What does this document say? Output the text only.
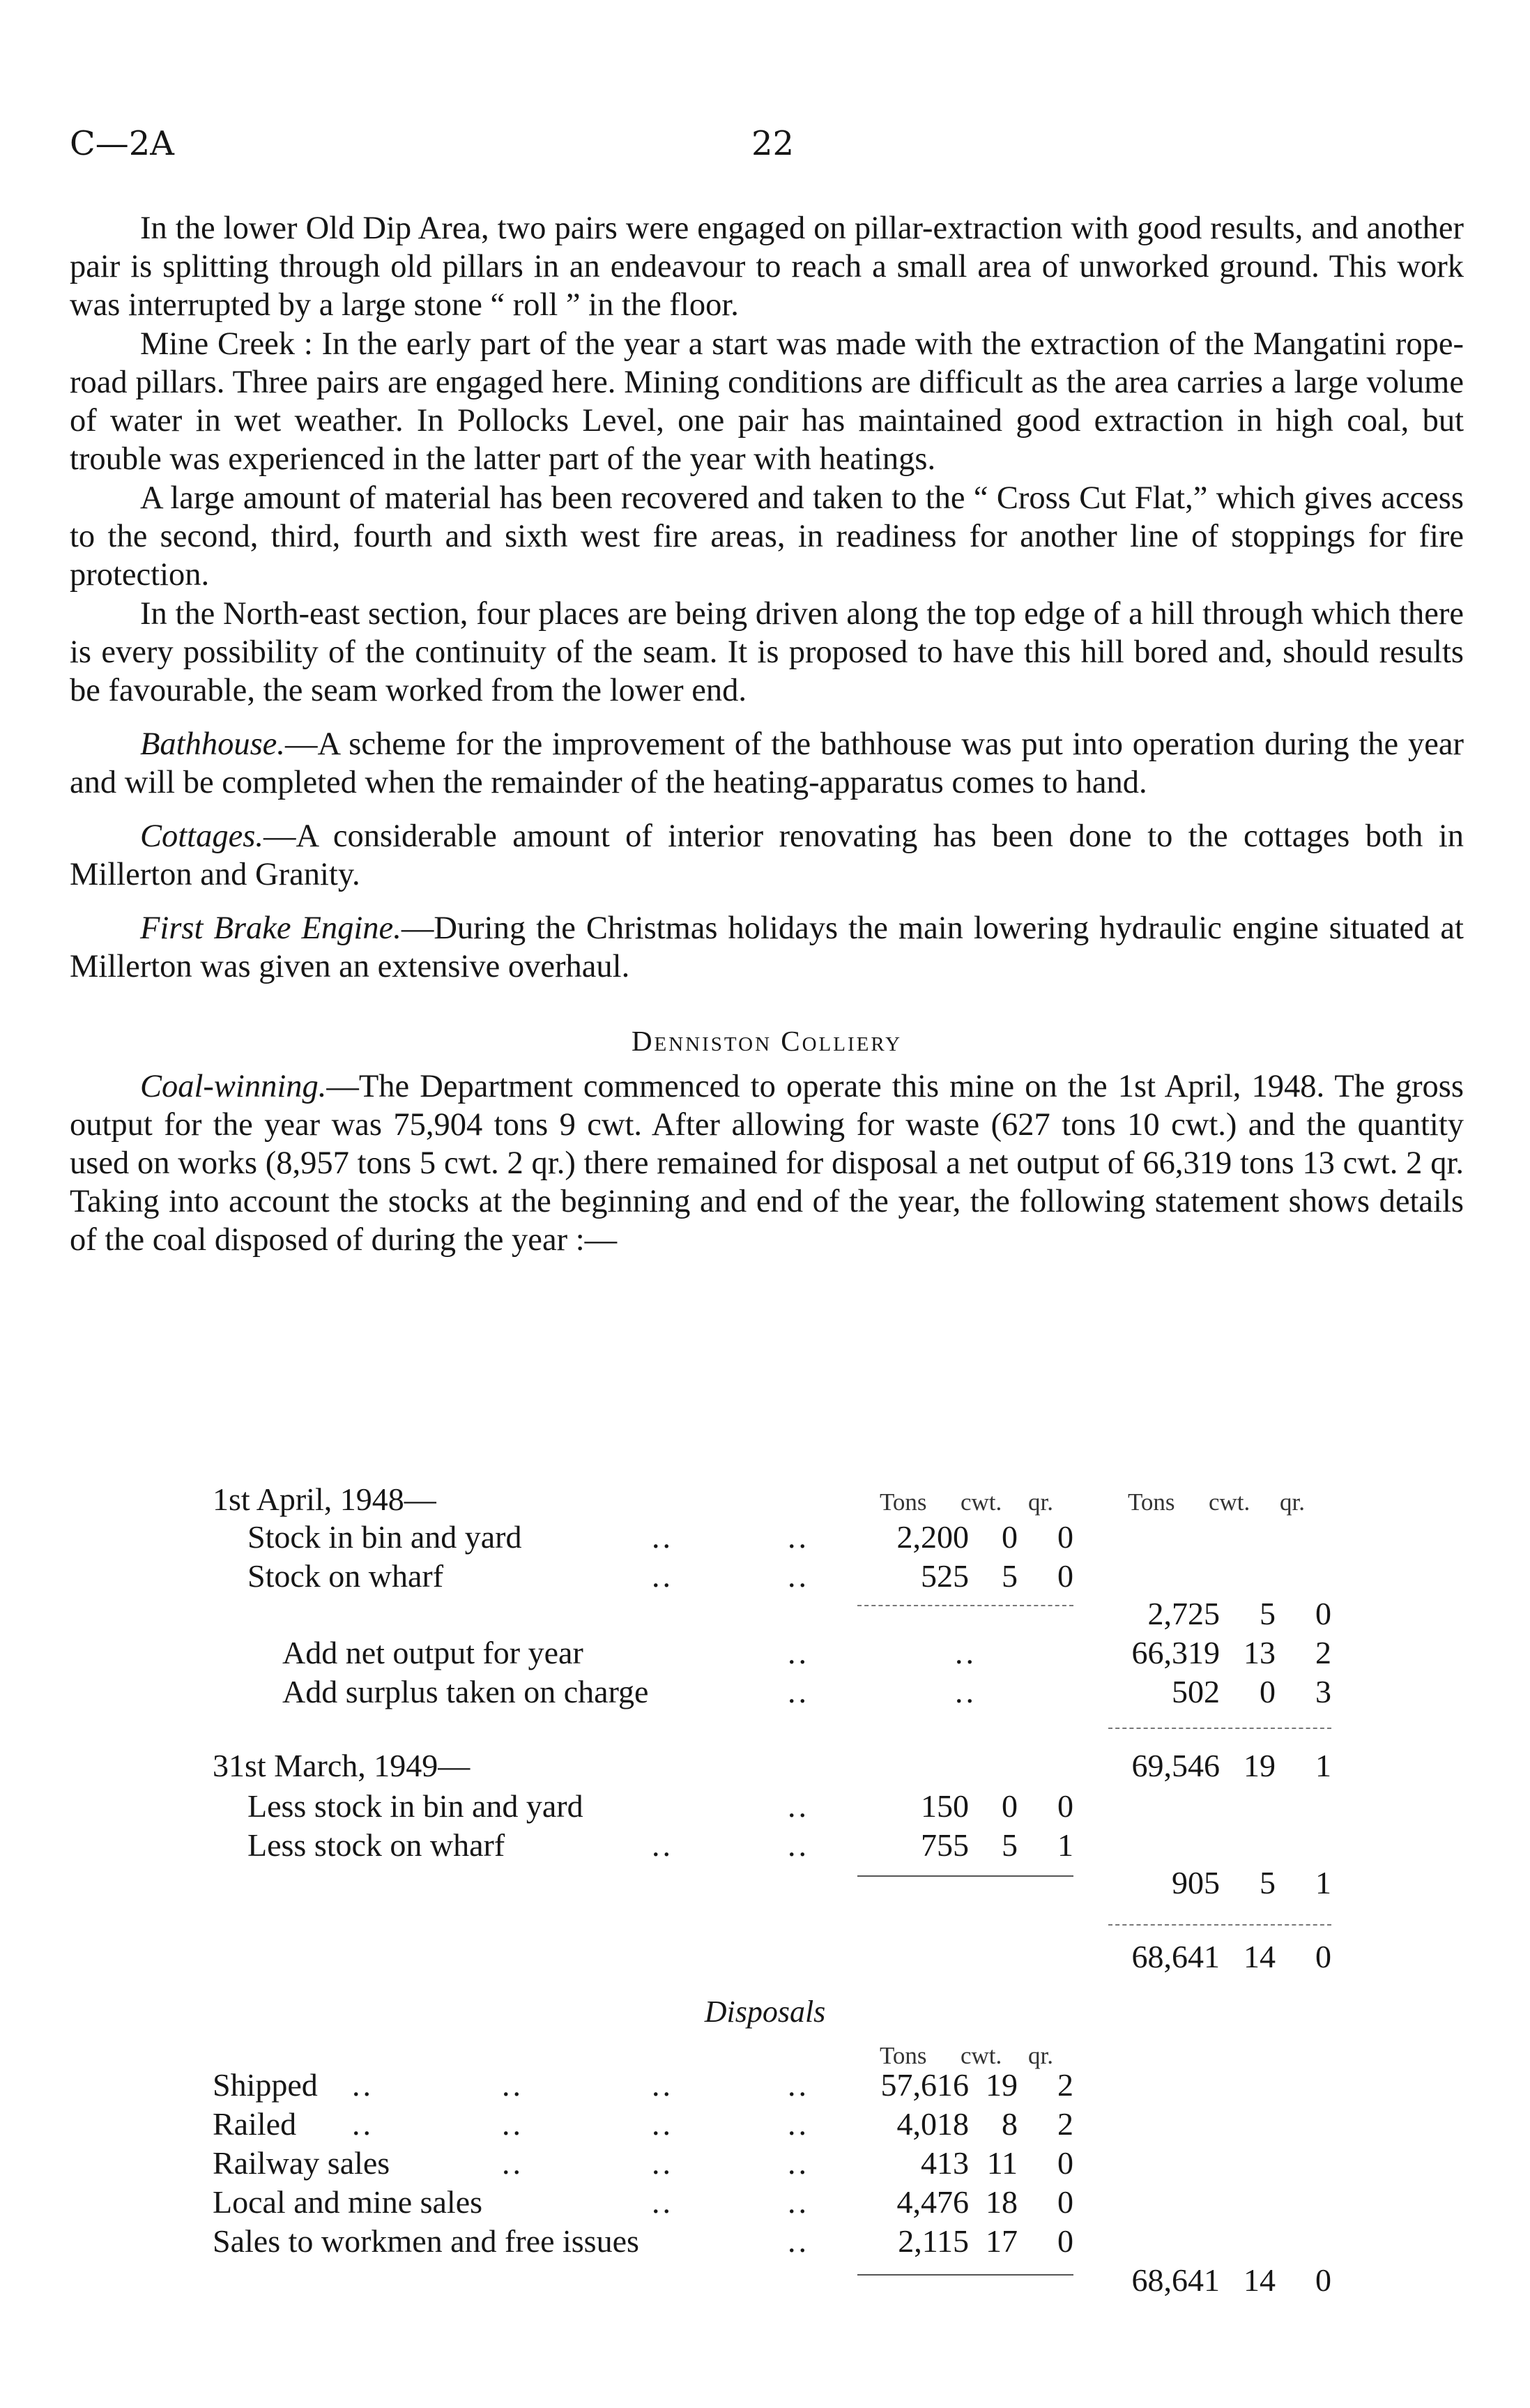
C—2A	22

In the lower Old Dip Area, two pairs were engaged on pillar-extraction with good results, and another pair is splitting through old pillars in an endeavour to reach a small area of unworked ground. This work was interrupted by a large stone “ roll ” in the floor.

Mine Creek : In the early part of the year a start was made with the extraction of the Mangatini rope-road pillars. Three pairs are engaged here. Mining conditions are difficult as the area carries a large volume of water in wet weather. In Pollocks Level, one pair has maintained good extraction in high coal, but trouble was experienced in the latter part of the year with heatings.

A large amount of material has been recovered and taken to the “ Cross Cut Flat,” which gives access to the second, third, fourth and sixth west fire areas, in readiness for another line of stoppings for fire protection.

In the North-east section, four places are being driven along the top edge of a hill through which there is every possibility of the continuity of the seam. It is proposed to have this hill bored and, should results be favourable, the seam worked from the lower end.

Bathhouse.—A scheme for the improvement of the bathhouse was put into operation during the year and will be completed when the remainder of the heating-apparatus comes to hand.

Cottages.—A considerable amount of interior renovating has been done to the cottages both in Millerton and Granity.

First Brake Engine.—During the Christmas holidays the main lowering hydraulic engine situated at Millerton was given an extensive overhaul.

Denniston Colliery

Coal-winning.—The Department commenced to operate this mine on the 1st April, 1948. The gross output for the year was 75,904 tons 9 cwt. After allowing for waste (627 tons 10 cwt.) and the quantity used on works (8,957 tons 5 cwt. 2 qr.) there remained for disposal a net output of 66,319 tons 13 cwt. 2 qr. Taking into account the stocks at the beginning and end of the year, the following statement shows details of the coal disposed of during the year :—

Tons cwt. qr.	Tons cwt. qr.
1st April, 1948—
Stock in bin and yard	..	..	2,200	0	0
Stock on wharf	..	..	525	5	0
2,725	5	0
Add net output for year	..	..	66,319 13	2
Add surplus taken on charge	..	..	502	0	3
31st March, 1949—	69,546 19	1
Less stock in bin and yard	..	150	0	0
Less stock on wharf	..	..	755	5	1
905	5	1
68,641 14	0
Disposals
Tons cwt. qr.
Shipped ..	..	..	..	57,616 19	2
Railed ..	..	..	..	4,018	8	2
Railway sales	..	..	..	413 11	0
Local and mine sales	..	..	4,476 18	0
Sales to workmen and free issues	..	2,115 17	0
68,641 14	0
